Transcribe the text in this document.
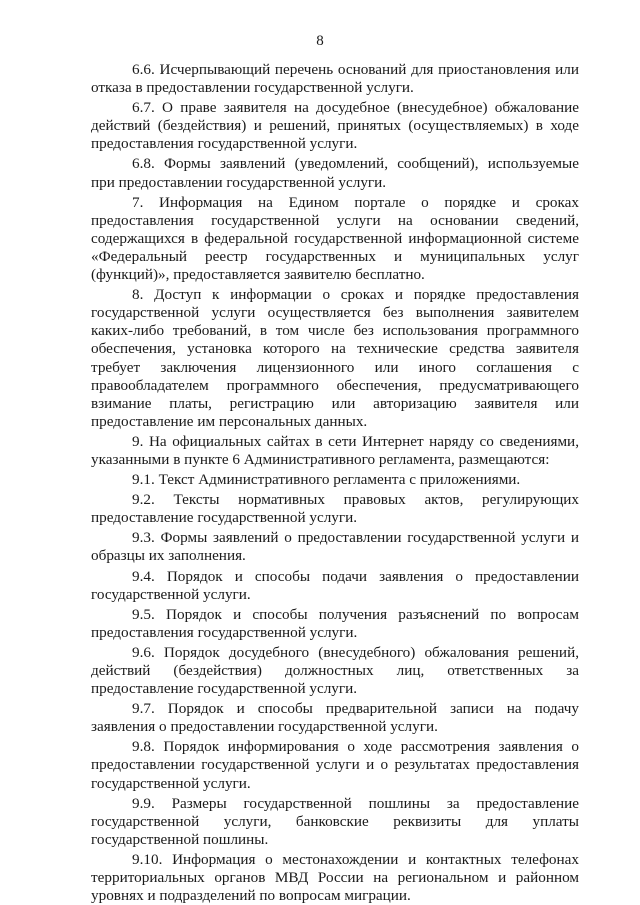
8

6.6. Исчерпывающий перечень оснований для приостановления или отказа в предоставлении государственной услуги.

6.7. О праве заявителя на досудебное (внесудебное) обжалование действий (бездействия) и решений, принятых (осуществляемых) в ходе предоставления государственной услуги.

6.8. Формы заявлений (уведомлений, сообщений), используемые при предоставлении государственной услуги.

7. Информация на Едином портале о порядке и сроках предоставления государственной услуги на основании сведений, содержащихся в федеральной государственной информационной системе «Федеральный реестр государственных и муниципальных услуг (функций)», предоставляется заявителю бесплатно.

8. Доступ к информации о сроках и порядке предоставления государственной услуги осуществляется без выполнения заявителем каких-либо требований, в том числе без использования программного обеспечения, установка которого на технические средства заявителя требует заключения лицензионного или иного соглашения с правообладателем программного обеспечения, предусматривающего взимание платы, регистрацию или авторизацию заявителя или предоставление им персональных данных.

9. На официальных сайтах в сети Интернет наряду со сведениями, указанными в пункте 6 Административного регламента, размещаются:

9.1. Текст Административного регламента с приложениями.

9.2. Тексты нормативных правовых актов, регулирующих предоставление государственной услуги.

9.3. Формы заявлений о предоставлении государственной услуги и образцы их заполнения.

9.4. Порядок и способы подачи заявления о предоставлении государственной услуги.

9.5. Порядок и способы получения разъяснений по вопросам предоставления государственной услуги.

9.6. Порядок досудебного (внесудебного) обжалования решений, действий (бездействия) должностных лиц, ответственных за предоставление государственной услуги.

9.7. Порядок и способы предварительной записи на подачу заявления о предоставлении государственной услуги.

9.8. Порядок информирования о ходе рассмотрения заявления о предоставлении государственной услуги и о результатах предоставления государственной услуги.

9.9. Размеры государственной пошлины за предоставление государственной услуги, банковские реквизиты для уплаты государственной пошлины.

9.10. Информация о местонахождении и контактных телефонах территориальных органов МВД России на региональном и районном уровнях и подразделений по вопросам миграции.
